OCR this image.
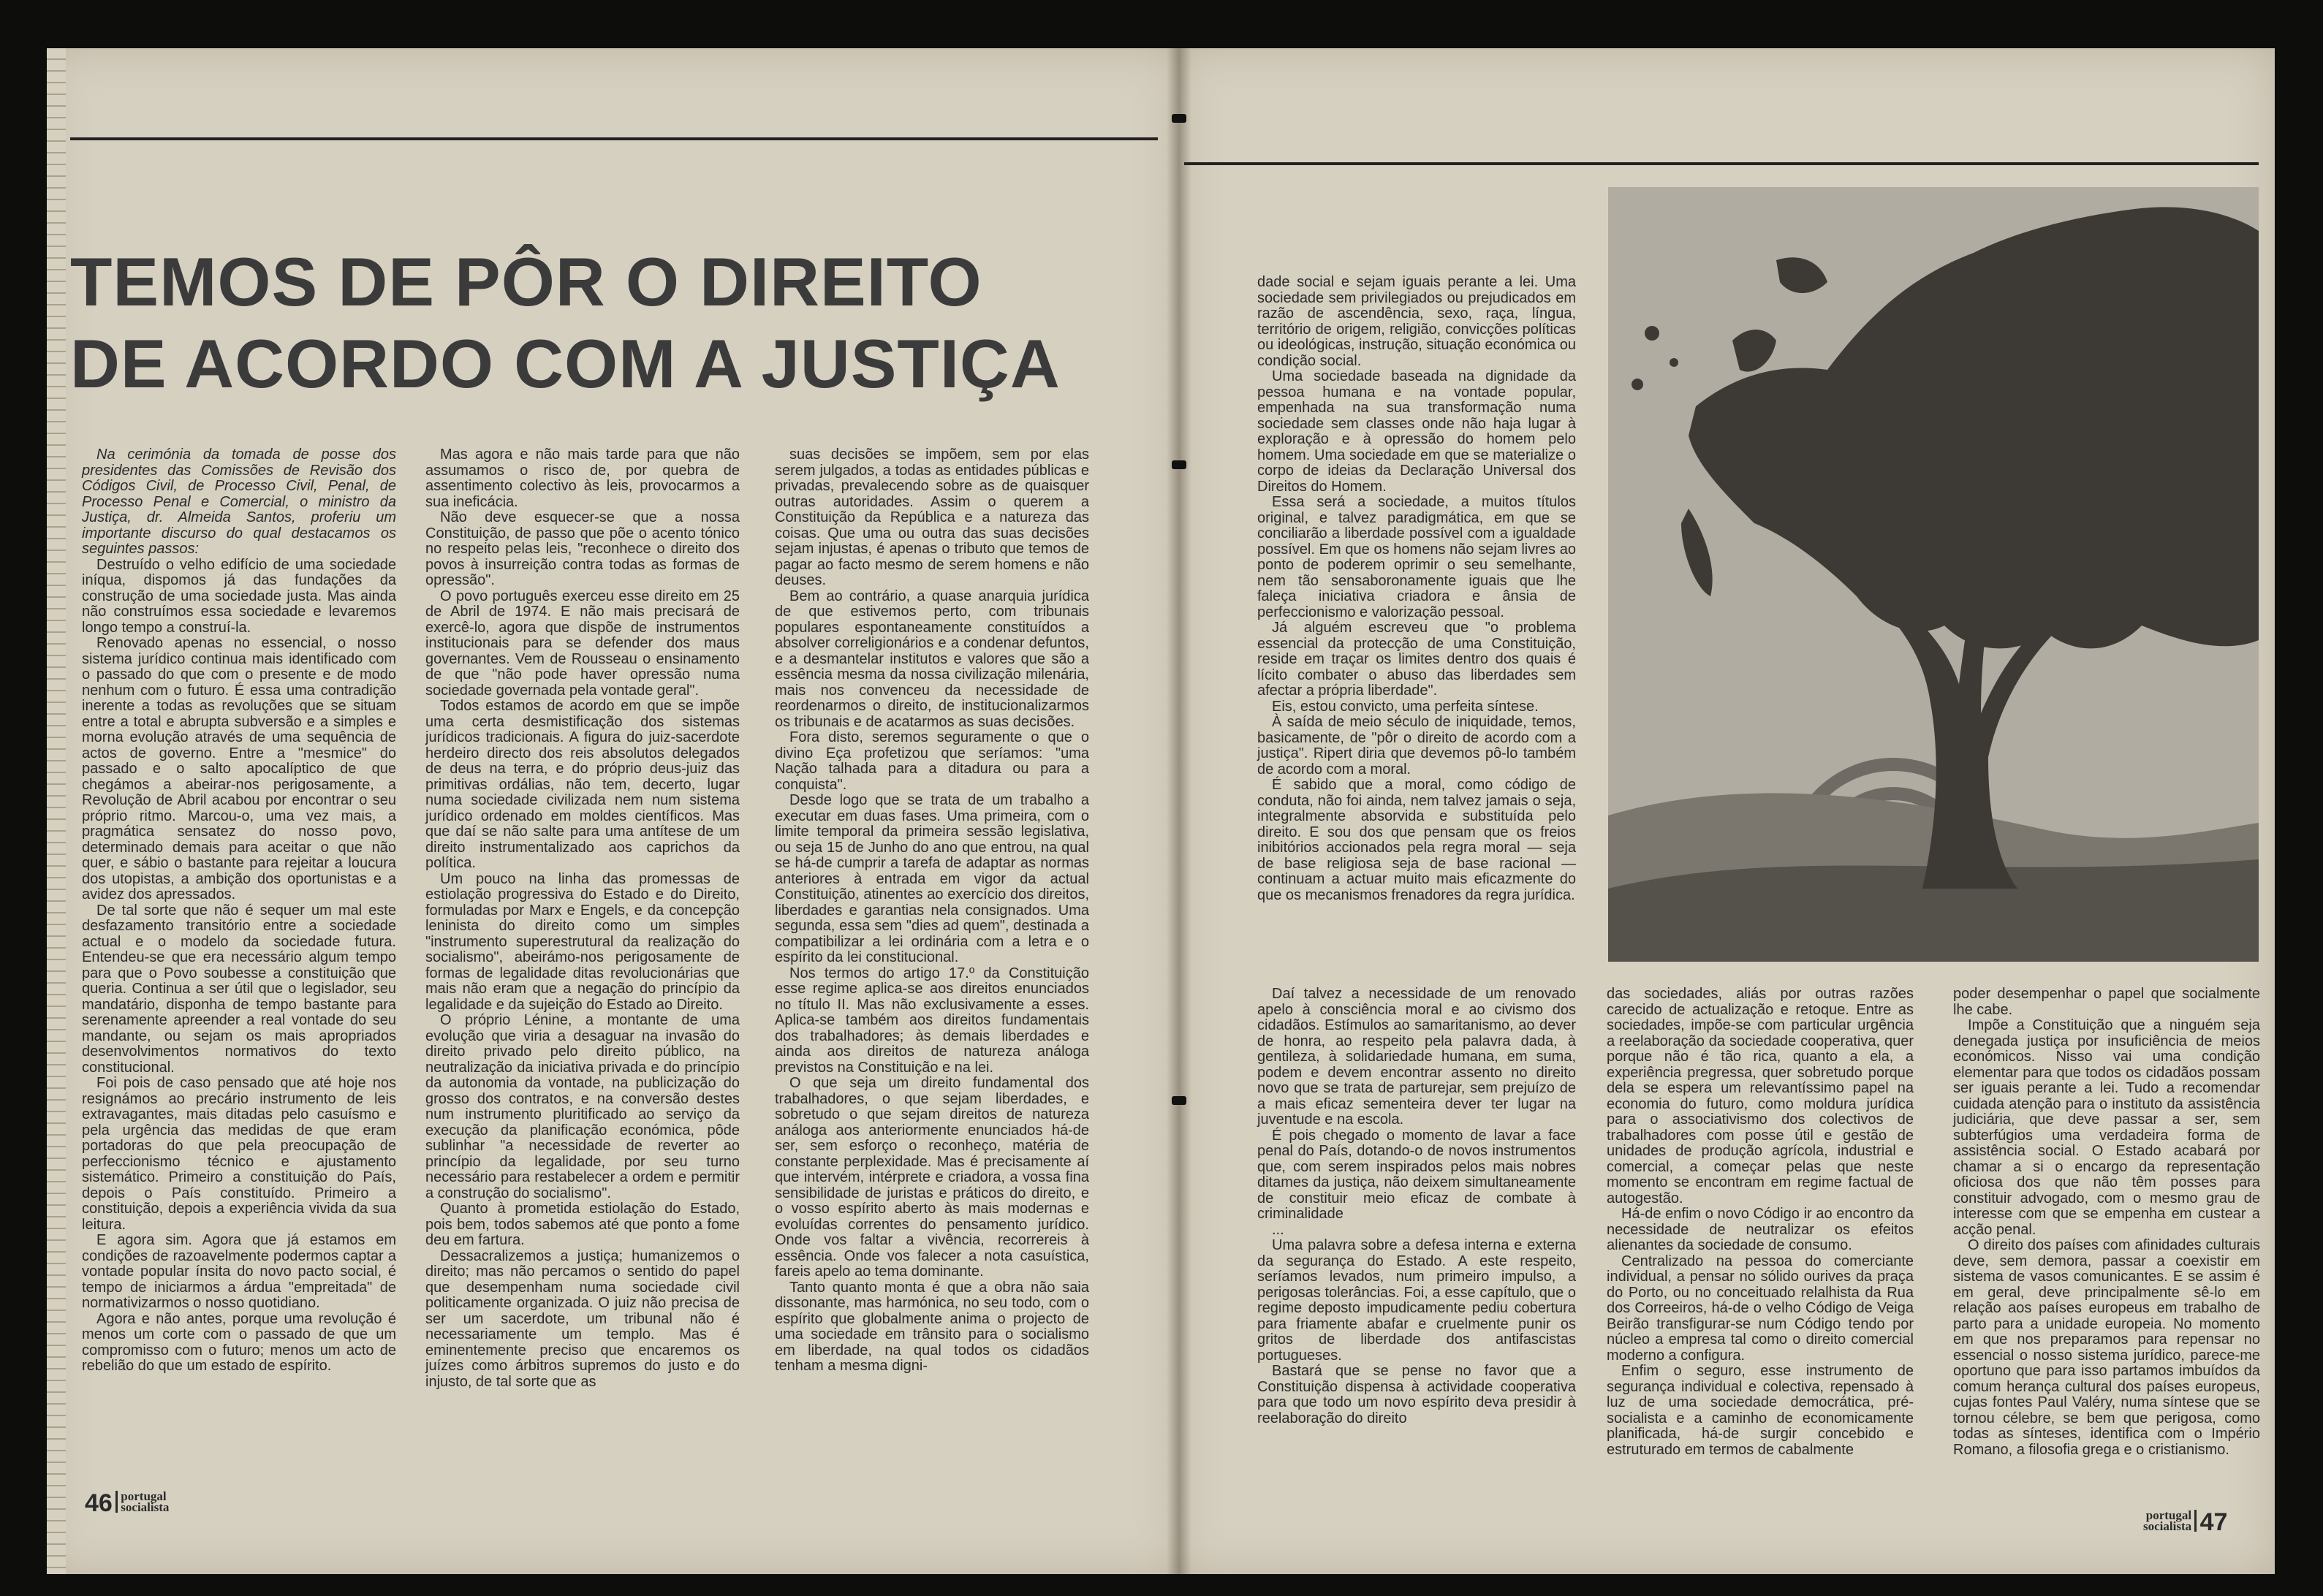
TEMOS DE PÔR O DIREITO
DE ACORDO COM A JUSTIÇA

Na cerimónia da tomada de posse dos presidentes das Comissões de Revisão dos Códigos Civil, de Processo Civil, Penal, de Processo Penal e Comercial, o ministro da Justiça, dr. Almeida Santos, proferiu um importante discurso do qual destacamos os seguintes passos:

Destruído o velho edifício de uma sociedade iníqua, dispomos já das fundações da construção de uma sociedade justa. Mas ainda não construímos essa sociedade e levaremos longo tempo a construí-la.

Renovado apenas no essencial, o nosso sistema jurídico continua mais identificado com o passado do que com o presente e de modo nenhum com o futuro. É essa uma contradição inerente a todas as revoluções que se situam entre a total e abrupta subversão e a simples e morna evolução através de uma sequência de actos de governo. Entre a "mesmice" do passado e o salto apocalíptico de que chegámos a abeirar-nos perigosamente, a Revolução de Abril acabou por encontrar o seu próprio ritmo. Marcou-o, uma vez mais, a pragmática sensatez do nosso povo, determinado demais para aceitar o que não quer, e sábio o bastante para rejeitar a loucura dos utopistas, a ambição dos oportunistas e a avidez dos apressados.

De tal sorte que não é sequer um mal este desfazamento transitório entre a sociedade actual e o modelo da sociedade futura. Entendeu-se que era necessário algum tempo para que o Povo soubesse a constituição que queria. Continua a ser útil que o legislador, seu mandatário, disponha de tempo bastante para serenamente apreender a real vontade do seu mandante, ou sejam os mais apropriados desenvolvimentos normativos do texto constitucional.

Foi pois de caso pensado que até hoje nos resignámos ao precário instrumento de leis extravagantes, mais ditadas pelo casuísmo e pela urgência das medidas de que eram portadoras do que pela preocupação de perfeccionismo técnico e ajustamento sistemático. Primeiro a constituição do País, depois o País constituído. Primeiro a constituição, depois a experiência vivida da sua leitura.

E agora sim. Agora que já estamos em condições de razoavelmente podermos captar a vontade popular ínsita do novo pacto social, é tempo de iniciarmos a árdua "empreitada" de normativizarmos o nosso quotidiano.

Agora e não antes, porque uma revolução é menos um corte com o passado de que um compromisso com o futuro; menos um acto de rebelião do que um estado de espírito.

Mas agora e não mais tarde para que não assumamos o risco de, por quebra de assentimento colectivo às leis, provocarmos a sua ineficácia.

Não deve esquecer-se que a nossa Constituição, de passo que põe o acento tónico no respeito pelas leis, "reconhece o direito dos povos à insurreição contra todas as formas de opressão".

O povo português exerceu esse direito em 25 de Abril de 1974. E não mais precisará de exercê-lo, agora que dispõe de instrumentos institucionais para se defender dos maus governantes. Vem de Rousseau o ensinamento de que "não pode haver opressão numa sociedade governada pela vontade geral".

Todos estamos de acordo em que se impõe uma certa desmistificação dos sistemas jurídicos tradicionais. A figura do juiz-sacerdote herdeiro directo dos reis absolutos delegados de deus na terra, e do próprio deus-juiz das primitivas ordálias, não tem, decerto, lugar numa sociedade civilizada nem num sistema jurídico ordenado em moldes científicos. Mas que daí se não salte para uma antítese de um direito instrumentalizado aos caprichos da política.

Um pouco na linha das promessas de estiolação progressiva do Estado e do Direito, formuladas por Marx e Engels, e da concepção leninista do direito como um simples "instrumento superestrutural da realização do socialismo", abeirámo-nos perigosamente de formas de legalidade ditas revolucionárias que mais não eram que a negação do princípio da legalidade e da sujeição do Estado ao Direito.

O próprio Lénine, a montante de uma evolução que viria a desaguar na invasão do direito privado pelo direito público, na neutralização da iniciativa privada e do princípio da autonomia da vontade, na publicização do grosso dos contratos, e na conversão destes num instrumento pluritificado ao serviço da execução da planificação económica, pôde sublinhar "a necessidade de reverter ao princípio da legalidade, por seu turno necessário para restabelecer a ordem e permitir a construção do socialismo".

Quanto à prometida estiolação do Estado, pois bem, todos sabemos até que ponto a fome deu em fartura.

Dessacralizemos a justiça; humanizemos o direito; mas não percamos o sentido do papel que desempenham numa sociedade civil politicamente organizada. O juiz não precisa de ser um sacerdote, um tribunal não é necessariamente um templo. Mas é eminentemente preciso que encaremos os juízes como árbitros supremos do justo e do injusto, de tal sorte que as

suas decisões se impõem, sem por elas serem julgados, a todas as entidades públicas e privadas, prevalecendo sobre as de quaisquer outras autoridades. Assim o querem a Constituição da República e a natureza das coisas. Que uma ou outra das suas decisões sejam injustas, é apenas o tributo que temos de pagar ao facto mesmo de serem homens e não deuses.

Bem ao contrário, a quase anarquia jurídica de que estivemos perto, com tribunais populares espontaneamente constituídos a absolver correligionários e a condenar defuntos, e a desmantelar institutos e valores que são a essência mesma da nossa civilização milenária, mais nos convenceu da necessidade de reordenarmos o direito, de institucionalizarmos os tribunais e de acatarmos as suas decisões.

Fora disto, seremos seguramente o que o divino Eça profetizou que seríamos: "uma Nação talhada para a ditadura ou para a conquista".

Desde logo que se trata de um trabalho a executar em duas fases. Uma primeira, com o limite temporal da primeira sessão legislativa, ou seja 15 de Junho do ano que entrou, na qual se há-de cumprir a tarefa de adaptar as normas anteriores à entrada em vigor da actual Constituição, atinentes ao exercício dos direitos, liberdades e garantias nela consignados. Uma segunda, essa sem "dies ad quem", destinada a compatibilizar a lei ordinária com a letra e o espírito da lei constitucional.

Nos termos do artigo 17.º da Constituição esse regime aplica-se aos direitos enunciados no título II. Mas não exclusivamente a esses. Aplica-se também aos direitos fundamentais dos trabalhadores; às demais liberdades e ainda aos direitos de natureza análoga previstos na Constituição e na lei.

O que seja um direito fundamental dos trabalhadores, o que sejam liberdades, e sobretudo o que sejam direitos de natureza análoga aos anteriormente enunciados há-de ser, sem esforço o reconheço, matéria de constante perplexidade. Mas é precisamente aí que intervém, intérprete e criadora, a vossa fina sensibilidade de juristas e práticos do direito, e o vosso espírito aberto às mais modernas e evoluídas correntes do pensamento jurídico. Onde vos faltar a vivência, recorrereis à essência. Onde vos falecer a nota casuística, fareis apelo ao tema dominante.

Tanto quanto monta é que a obra não saia dissonante, mas harmónica, no seu todo, com o espírito que globalmente anima o projecto de uma sociedade em trânsito para o socialismo em liberdade, na qual todos os cidadãos tenham a mesma digni-

46 portugal
socialista

dade social e sejam iguais perante a lei. Uma sociedade sem privilegiados ou prejudicados em razão de ascendência, sexo, raça, língua, território de origem, religião, convicções políticas ou ideológicas, instrução, situação económica ou condição social.

Uma sociedade baseada na dignidade da pessoa humana e na vontade popular, empenhada na sua transformação numa sociedade sem classes onde não haja lugar à exploração e à opressão do homem pelo homem. Uma sociedade em que se materialize o corpo de ideias da Declaração Universal dos Direitos do Homem.

Essa será a sociedade, a muitos títulos original, e talvez paradigmática, em que se conciliarão a liberdade possível com a igualdade possível. Em que os homens não sejam livres ao ponto de poderem oprimir o seu semelhante, nem tão sensaboronamente iguais que lhe faleça iniciativa criadora e ânsia de perfeccionismo e valorização pessoal.

Já alguém escreveu que "o problema essencial da protecção de uma Constituição, reside em traçar os limites dentro dos quais é lícito combater o abuso das liberdades sem afectar a própria liberdade".

Eis, estou convicto, uma perfeita síntese.

À saída de meio século de iniquidade, temos, basicamente, de "pôr o direito de acordo com a justiça". Ripert diria que devemos pô-lo também de acordo com a moral.

É sabido que a moral, como código de conduta, não foi ainda, nem talvez jamais o seja, integralmente absorvida e substituída pelo direito. E sou dos que pensam que os freios inibitórios accionados pela regra moral — seja de base religiosa seja de base racional — continuam a actuar muito mais eficazmente do que os mecanismos frenadores da regra jurídica.

Daí talvez a necessidade de um renovado apelo à consciência moral e ao civismo dos cidadãos. Estímulos ao samaritanismo, ao dever de honra, ao respeito pela palavra dada, à gentileza, à solidariedade humana, em suma, podem e devem encontrar assento no direito novo que se trata de parturejar, sem prejuízo de a mais eficaz sementeira dever ter lugar na juventude e na escola.

É pois chegado o momento de lavar a face penal do País, dotando-o de novos instrumentos que, com serem inspirados pelos mais nobres ditames da justiça, não deixem simultaneamente de constituir meio eficaz de combate à criminalidade

...

Uma palavra sobre a defesa interna e externa da segurança do Estado. A este respeito, seríamos levados, num primeiro impulso, a perigosas tolerâncias. Foi, a esse capítulo, que o regime deposto impudicamente pediu cobertura para friamente abafar e cruelmente punir os gritos de liberdade dos antifascistas portugueses.

Bastará que se pense no favor que a Constituição dispensa à actividade cooperativa para que todo um novo espírito deva presidir à reelaboração do direito

das sociedades, aliás por outras razões carecido de actualização e retoque. Entre as sociedades, impõe-se com particular urgência a reelaboração da sociedade cooperativa, quer porque não é tão rica, quanto a ela, a experiência pregressa, quer sobretudo porque dela se espera um relevantíssimo papel na economia do futuro, como moldura jurídica para o associativismo dos colectivos de trabalhadores com posse útil e gestão de unidades de produção agrícola, industrial e comercial, a começar pelas que neste momento se encontram em regime factual de autogestão.

Há-de enfim o novo Código ir ao encontro da necessidade de neutralizar os efeitos alienantes da sociedade de consumo.

Centralizado na pessoa do comerciante individual, a pensar no sólido ourives da praça do Porto, ou no conceituado relalhista da Rua dos Correeiros, há-de o velho Código de Veiga Beirão transfigurar-se num Código tendo por núcleo a empresa tal como o direito comercial moderno a configura.

Enfim o seguro, esse instrumento de segurança individual e colectiva, repensado à luz de uma sociedade democrática, pré-socialista e a caminho de economicamente planificada, há-de surgir concebido e estruturado em termos de cabalmente

poder desempenhar o papel que socialmente lhe cabe.

Impõe a Constituição que a ninguém seja denegada justiça por insuficiência de meios económicos. Nisso vai uma condição elementar para que todos os cidadãos possam ser iguais perante a lei. Tudo a recomendar cuidada atenção para o instituto da assistência judiciária, que deve passar a ser, sem subterfúgios uma verdadeira forma de assistência social. O Estado acabará por chamar a si o encargo da representação oficiosa dos que não têm posses para constituir advogado, com o mesmo grau de interesse com que se empenha em custear a acção penal.

O direito dos países com afinidades culturais deve, sem demora, passar a coexistir em sistema de vasos comunicantes. E se assim é em geral, deve principalmente sê-lo em relação aos países europeus em trabalho de parto para a unidade europeia. No momento em que nos preparamos para repensar no essencial o nosso sistema jurídico, parece-me oportuno que para isso partamos imbuídos da comum herança cultural dos países europeus, cujas fontes Paul Valéry, numa síntese que se tornou célebre, se bem que perigosa, como todas as sínteses, identifica com o Império Romano, a filosofia grega e o cristianismo.

portugal
socialista 47
